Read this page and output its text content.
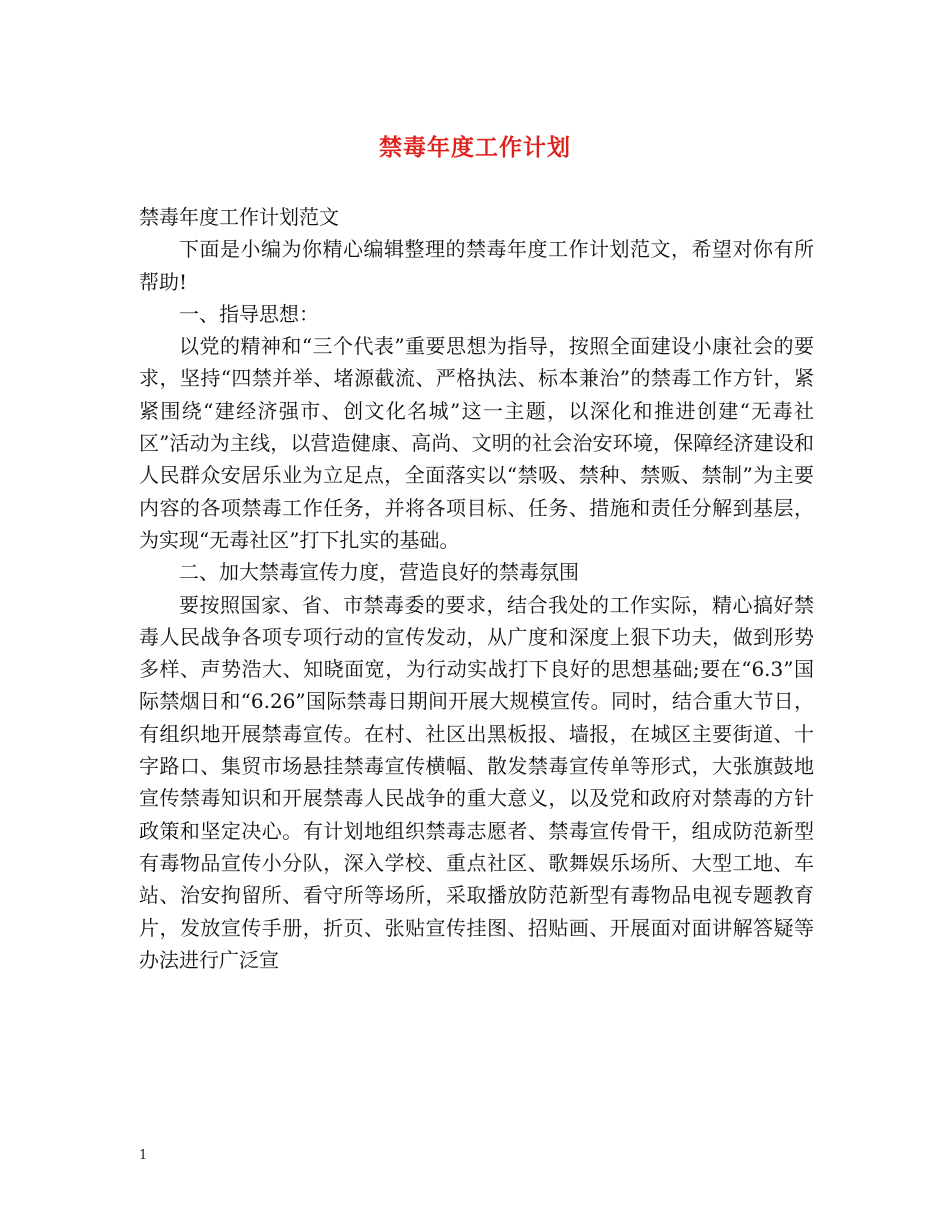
禁毒年度工作计划

禁毒年度工作计划范文

下面是小编为你精心编辑整理的禁毒年度工作计划范文，希望对你有所帮助!

一、指导思想：

以党的精神和“三个代表”重要思想为指导，按照全面建设小康社会的要求，坚持“四禁并举、堵源截流、严格执法、标本兼治”的禁毒工作方针，紧紧围绕“建经济强市、创文化名城”这一主题，以深化和推进创建“无毒社区”活动为主线，以营造健康、高尚、文明的社会治安环境，保障经济建设和人民群众安居乐业为立足点，全面落实以“禁吸、禁种、禁贩、禁制”为主要内容的各项禁毒工作任务，并将各项目标、任务、措施和责任分解到基层，为实现“无毒社区”打下扎实的基础。

二、加大禁毒宣传力度，营造良好的禁毒氛围

要按照国家、省、市禁毒委的要求，结合我处的工作实际，精心搞好禁毒人民战争各项专项行动的宣传发动，从广度和深度上狠下功夫，做到形势多样、声势浩大、知晓面宽，为行动实战打下良好的思想基础;要在“6.3”国际禁烟日和“6.26”国际禁毒日期间开展大规模宣传。同时，结合重大节日，有组织地开展禁毒宣传。在村、社区出黑板报、墙报，在城区主要街道、十字路口、集贸市场悬挂禁毒宣传横幅、散发禁毒宣传单等形式，大张旗鼓地宣传禁毒知识和开展禁毒人民战争的重大意义，以及党和政府对禁毒的方针政策和坚定决心。有计划地组织禁毒志愿者、禁毒宣传骨干，组成防范新型有毒物品宣传小分队，深入学校、重点社区、歌舞娱乐场所、大型工地、车站、治安拘留所、看守所等场所，采取播放防范新型有毒物品电视专题教育片，发放宣传手册，折页、张贴宣传挂图、招贴画、开展面对面讲解答疑等办法进行广泛宣

1
